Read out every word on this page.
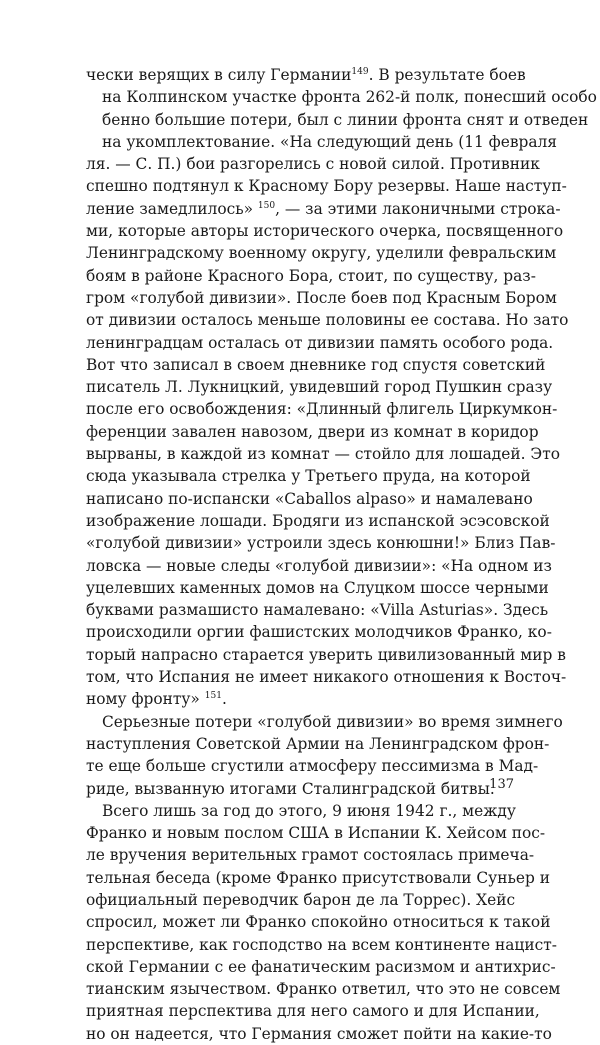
чески верящих в силу Германии$^{149}$. В результате боев
на Колпинском участке фронта 262-й полк, понесший особо
бенно большие потери, был с линии фронта снят и отведен
на укомплектование. «На следующий день (11 февраля
ля. — С. П.) бои разгорелись с новой силой. Противник
спешно подтянул к Красному Бору резервы. Наше наступ-
ление замедлилось» $^{150}$, — за этими лаконичными строка-
ми, которые авторы исторического очерка, посвященного
Ленинградскому военному округу, уделили февральским
боям в районе Красного Бора, стоит, по существу, раз-
гром «голубой дивизии». После боев под Красным Бором
от дивизии осталось меньше половины ее состава. Но зато
ленинградцам осталась от дивизии память особого рода.
Вот что записал в своем дневнике год спустя советский
писатель Л. Лукницкий, увидевший город Пушкин сразу
после его освобождения: «Длинный флигель Циркумкон-
ференции завален навозом, двери из комнат в коридор
вырваны, в каждой из комнат — стойло для лошадей. Это
сюда указывала стрелка у Третьего пруда, на которой
написано по-испански «Caballos alpaso» и намалевано
изображение лошади. Бродяги из испанской эсэсовской
«голубой дивизии» устроили здесь конюшни!» Близ Пав-
ловска — новые следы «голубой дивизии»: «На одном из
уцелевших каменных домов на Слуцком шоссе черными
буквами размашисто намалевано: «Villa Asturias». Здесь
происходили оргии фашистских молодчиков Франко, ко-
торый напрасно старается уверить цивилизованный мир в
том, что Испания не имеет никакого отношения к Восточ-
ному фронту» $^{151}$.
Серьезные потери «голубой дивизии» во время зимнего
наступления Советской Армии на Ленинградском фрон-
те еще больше сгустили атмосферу пессимизма в Мад-
риде, вызванную итогами Сталинградской битвы.
Всего лишь за год до этого, 9 июня 1942 г., между
Франко и новым послом США в Испании К. Хейсом пос-
ле вручения верительных грамот состоялась примеча-
тельная беседа (кроме Франко присутствовали Суньер и
официальный переводчик барон де ла Торрес). Хейс
спросил, может ли Франко спокойно относиться к такой
перспективе, как господство на всем континенте нацист-
ской Германии с ее фанатическим расизмом и антихрис-
тианским язычеством. Франко ответил, что это не совсем
приятная перспектива для него самого и для Испании,
но он надеется, что Германия сможет пойти на какие-то
137
